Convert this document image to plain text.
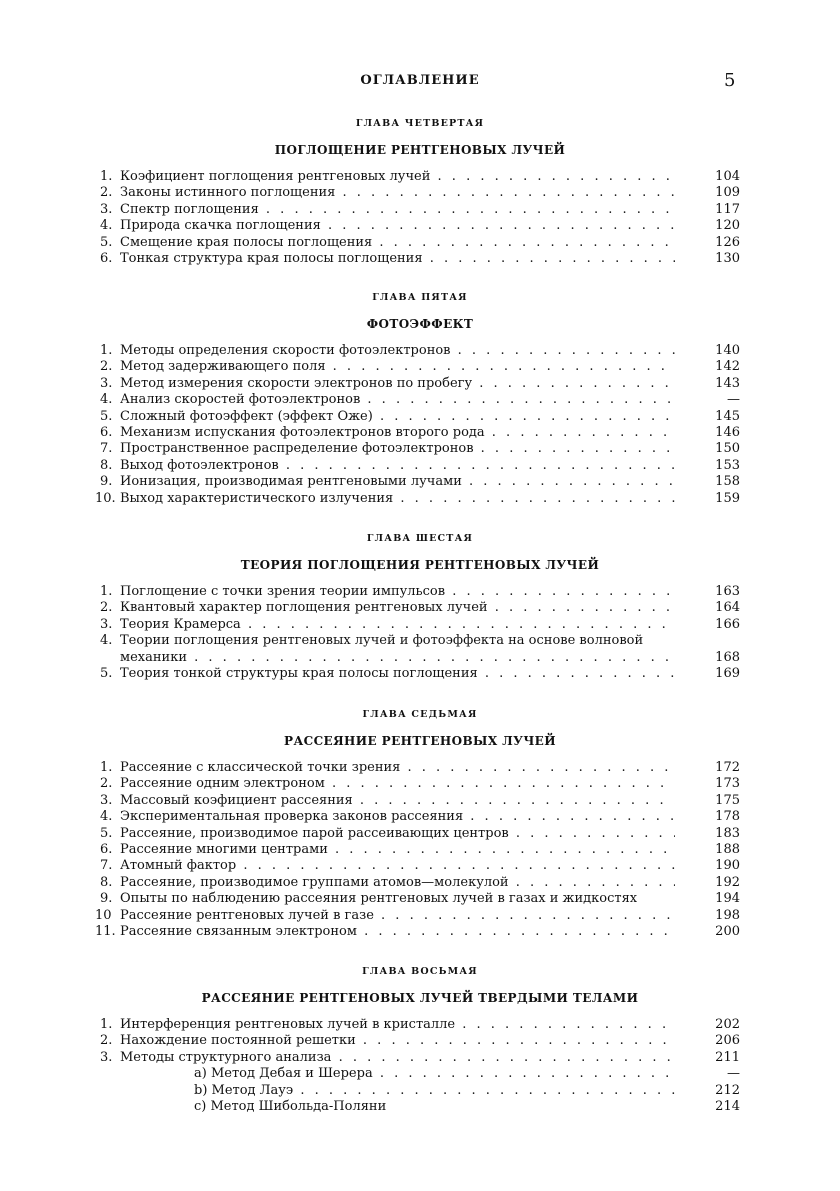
ОГЛАВЛЕНИЕ	5
ГЛАВА ЧЕТВЕРТАЯ
ПОГЛОЩЕНИЕ РЕНТГЕНОВЫХ ЛУЧЕЙ
1. Коэфициент поглощения рентгеновых лучей . . .	104
2. Законы истинного поглощения . . .	109
3. Спектр поглощения . . .	117
4. Природа скачка поглощения . . .	120
5. Смещение края полосы поглощения . . .	126
6. Тонкая структура края полосы поглощения . . .	130
ГЛАВА ПЯТАЯ
ФОТОЭФФЕКТ
1. Методы определения скорости фотоэлектронов . . .	140
2. Метод задерживающего поля . . .	142
3. Метод измерения скорости электронов по пробегу . . .	143
4. Анализ скоростей фотоэлектронов . . .	—
5. Сложный фотоэффект (эффект Оже) . . .	145
6. Механизм испускания фотоэлектронов второго рода . . .	146
7. Пространственное распределение фотоэлектронов . . .	150
8. Выход фотоэлектронов . . .	153
9. Ионизация, производимая рентгеновыми лучами . . .	158
10. Выход характеристического излучения . . .	159
ГЛАВА ШЕСТАЯ
ТЕОРИЯ ПОГЛОЩЕНИЯ РЕНТГЕНОВЫХ ЛУЧЕЙ
1. Поглощение с точки зрения теории импульсов . . .	163
2. Квантовый характер поглощения рентгеновых лучей . . .	164
3. Теория Крамерса . . .	166
4. Теории поглощения рентгеновых лучей и фотоэффекта на основе волновой
механики . . .	168
5. Теория тонкой структуры края полосы поглощения . . .	169
ГЛАВА СЕДЬМАЯ
РАССЕЯНИЕ РЕНТГЕНОВЫХ ЛУЧЕЙ
1. Рассеяние с классической точки зрения . . .	172
2. Рассеяние одним электроном . . .	173
3. Массовый коэфициент рассеяния . . .	175
4. Экспериментальная проверка законов рассеяния . . .	178
5. Рассеяние, производимое парой рассеивающих центров . . .	183
6. Рассеяние многими центрами . . .	188
7. Атомный фактор . . .	190
8. Рассеяние, производимое группами атомов—молекулой . . .	192
9. Опыты по наблюдению рассеяния рентгеновых лучей в газах и жидкостях	194
10 Рассеяние рентгеновых лучей в газе . . .	198
11. Рассеяние связанным электроном . . .	200
ГЛАВА ВОСЬМАЯ
РАССЕЯНИЕ РЕНТГЕНОВЫХ ЛУЧЕЙ ТВЕРДЫМИ ТЕЛАМИ
1. Интерференция рентгеновых лучей в кристалле . . .	202
2. Нахождение постоянной решетки . . .	206
3. Методы структурного анализа . . .	211
a) Метод Дебая и Шерера . . .	—
b) Метод Лауэ . . .	212
c) Метод Шибольда-Поляни	214
